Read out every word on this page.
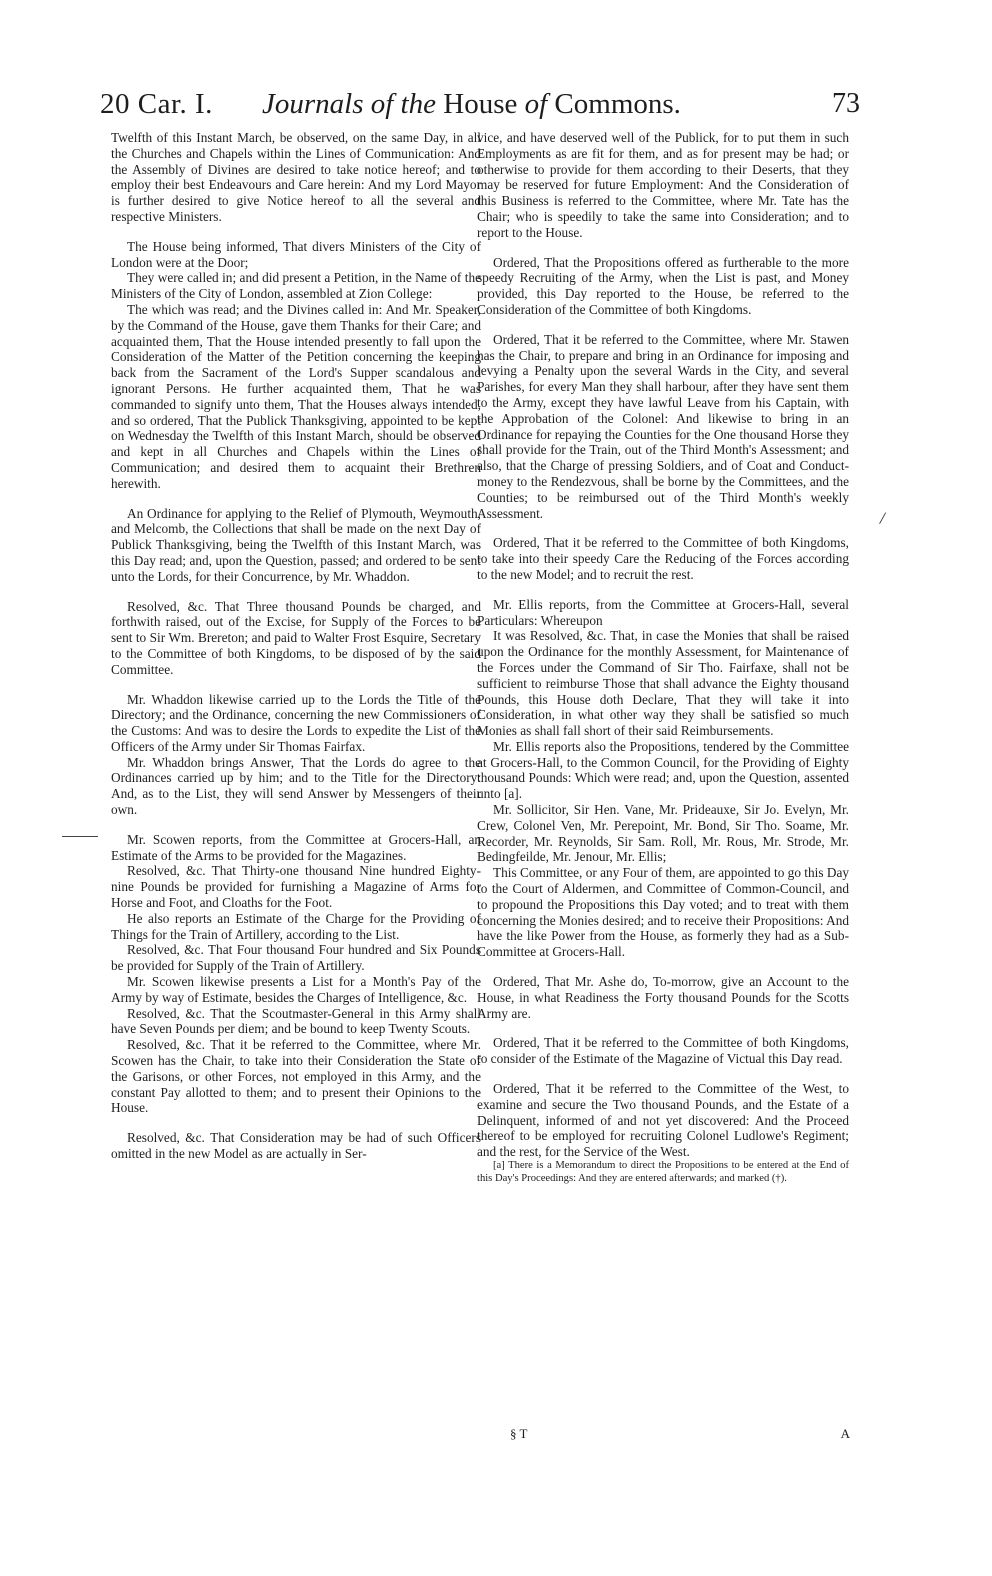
20 Car. I. Journals of the House of Commons.	73

Twelfth of this Instant March, be observed, on the same Day, in all the Churches and Chapels within the Lines of Communication: And the Assembly of Divines are desired to take notice hereof; and to employ their best Endeavours and Care herein: And my Lord Mayor is further desired to give Notice hereof to all the several and respective Ministers.

The House being informed, That divers Ministers of the City of London were at the Door;

They were called in; and did present a Petition, in the Name of the Ministers of the City of London, assembled at Zion College:

The which was read; and the Divines called in: And Mr. Speaker, by the Command of the House, gave them Thanks for their Care; and acquainted them, That the House intended presently to fall upon the Consideration of the Matter of the Petition concerning the keeping back from the Sacrament of the Lord's Supper scandalous and ignorant Persons. He further acquainted them, That he was commanded to signify unto them, That the Houses always intended, and so ordered, That the Publick Thanksgiving, appointed to be kept on Wednesday the Twelfth of this Instant March, should be observed and kept in all Churches and Chapels within the Lines of Communication; and desired them to acquaint their Brethren herewith.

An Ordinance for applying to the Relief of Plymouth, Weymouth, and Melcomb, the Collections that shall be made on the next Day of Publick Thanksgiving, being the Twelfth of this Instant March, was this Day read; and, upon the Question, passed; and ordered to be sent unto the Lords, for their Concurrence, by Mr. Whaddon.

Resolved, &c. That Three thousand Pounds be charged, and forthwith raised, out of the Excise, for Supply of the Forces to be sent to Sir Wm. Brereton; and paid to Walter Frost Esquire, Secretary to the Committee of both Kingdoms, to be disposed of by the said Committee.

Mr. Whaddon likewise carried up to the Lords the Title of the Directory; and the Ordinance, concerning the new Commissioners of the Customs: And was to desire the Lords to expedite the List of the Officers of the Army under Sir Thomas Fairfax.

Mr. Whaddon brings Answer, That the Lords do agree to the Ordinances carried up by him; and to the Title for the Directory: And, as to the List, they will send Answer by Messengers of their own.

Mr. Scowen reports, from the Committee at Grocers-Hall, an Estimate of the Arms to be provided for the Magazines.

Resolved, &c. That Thirty-one thousand Nine hundred Eighty-nine Pounds be provided for furnishing a Magazine of Arms for Horse and Foot, and Cloaths for the Foot.

He also reports an Estimate of the Charge for the Providing of Things for the Train of Artillery, according to the List.

Resolved, &c. That Four thousand Four hundred and Six Pounds be provided for Supply of the Train of Artillery.

Mr. Scowen likewise presents a List for a Month's Pay of the Army by way of Estimate, besides the Charges of Intelligence, &c.

Resolved, &c. That the Scoutmaster-General in this Army shall have Seven Pounds per diem; and be bound to keep Twenty Scouts.

Resolved, &c. That it be referred to the Committee, where Mr. Scowen has the Chair, to take into their Consideration the State of the Garisons, or other Forces, not employed in this Army, and the constant Pay allotted to them; and to present their Opinions to the House.

Resolved, &c. That Consideration may be had of such Officers omitted in the new Model as are actually in Ser-

vice, and have deserved well of the Publick, for to put them in such Employments as are fit for them, and as for present may be had; or otherwise to provide for them according to their Deserts, that they may be reserved for future Employment: And the Consideration of this Business is referred to the Committee, where Mr. Tate has the Chair; who is speedily to take the same into Consideration; and to report to the House.

Ordered, That the Propositions offered as furtherable to the more speedy Recruiting of the Army, when the List is past, and Money provided, this Day reported to the House, be referred to the Consideration of the Committee of both Kingdoms.

Ordered, That it be referred to the Committee, where Mr. Stawen has the Chair, to prepare and bring in an Ordinance for imposing and levying a Penalty upon the several Wards in the City, and several Parishes, for every Man they shall harbour, after they have sent them to the Army, except they have lawful Leave from his Captain, with the Approbation of the Colonel: And likewise to bring in an Ordinance for repaying the Counties for the One thousand Horse they shall provide for the Train, out of the Third Month's Assessment; and also, that the Charge of pressing Soldiers, and of Coat and Conduct-money to the Rendezvous, shall be borne by the Committees, and the Counties; to be reimbursed out of the Third Month's weekly Assessment.

Ordered, That it be referred to the Committee of both Kingdoms, to take into their speedy Care the Reducing of the Forces according to the new Model; and to recruit the rest.

Mr. Ellis reports, from the Committee at Grocers-Hall, several Particulars: Whereupon

It was Resolved, &c. That, in case the Monies that shall be raised upon the Ordinance for the monthly Assessment, for Maintenance of the Forces under the Command of Sir Tho. Fairfaxe, shall not be sufficient to reimburse Those that shall advance the Eighty thousand Pounds, this House doth Declare, That they will take it into Consideration, in what other way they shall be satisfied so much Monies as shall fall short of their said Reimbursements.

Mr. Ellis reports also the Propositions, tendered by the Committee at Grocers-Hall, to the Common Council, for the Providing of Eighty thousand Pounds: Which were read; and, upon the Question, assented unto [a].

Mr. Sollicitor, Sir Hen. Vane, Mr. Prideauxe, Sir Jo. Evelyn, Mr. Crew, Colonel Ven, Mr. Perepoint, Mr. Bond, Sir Tho. Soame, Mr. Recorder, Mr. Reynolds, Sir Sam. Roll, Mr. Rous, Mr. Strode, Mr. Bedingfeilde, Mr. Jenour, Mr. Ellis;

This Committee, or any Four of them, are appointed to go this Day to the Court of Aldermen, and Committee of Common-Council, and to propound the Propositions this Day voted; and to treat with them concerning the Monies desired; and to receive their Propositions: And have the like Power from the House, as formerly they had as a Sub-Committee at Grocers-Hall.

Ordered, That Mr. Ashe do, To-morrow, give an Account to the House, in what Readiness the Forty thousand Pounds for the Scotts Army are.

Ordered, That it be referred to the Committee of both Kingdoms, to consider of the Estimate of the Magazine of Victual this Day read.

Ordered, That it be referred to the Committee of the West, to examine and secure the Two thousand Pounds, and the Estate of a Delinquent, informed of and not yet discovered: And the Proceed thereof to be employed for recruiting Colonel Ludlowe's Regiment; and the rest, for the Service of the West.

[a] There is a Memorandum to direct the Propositions to be entered at the End of this Day's Proceedings: And they are entered afterwards; and marked (†).

§ T	A
/
